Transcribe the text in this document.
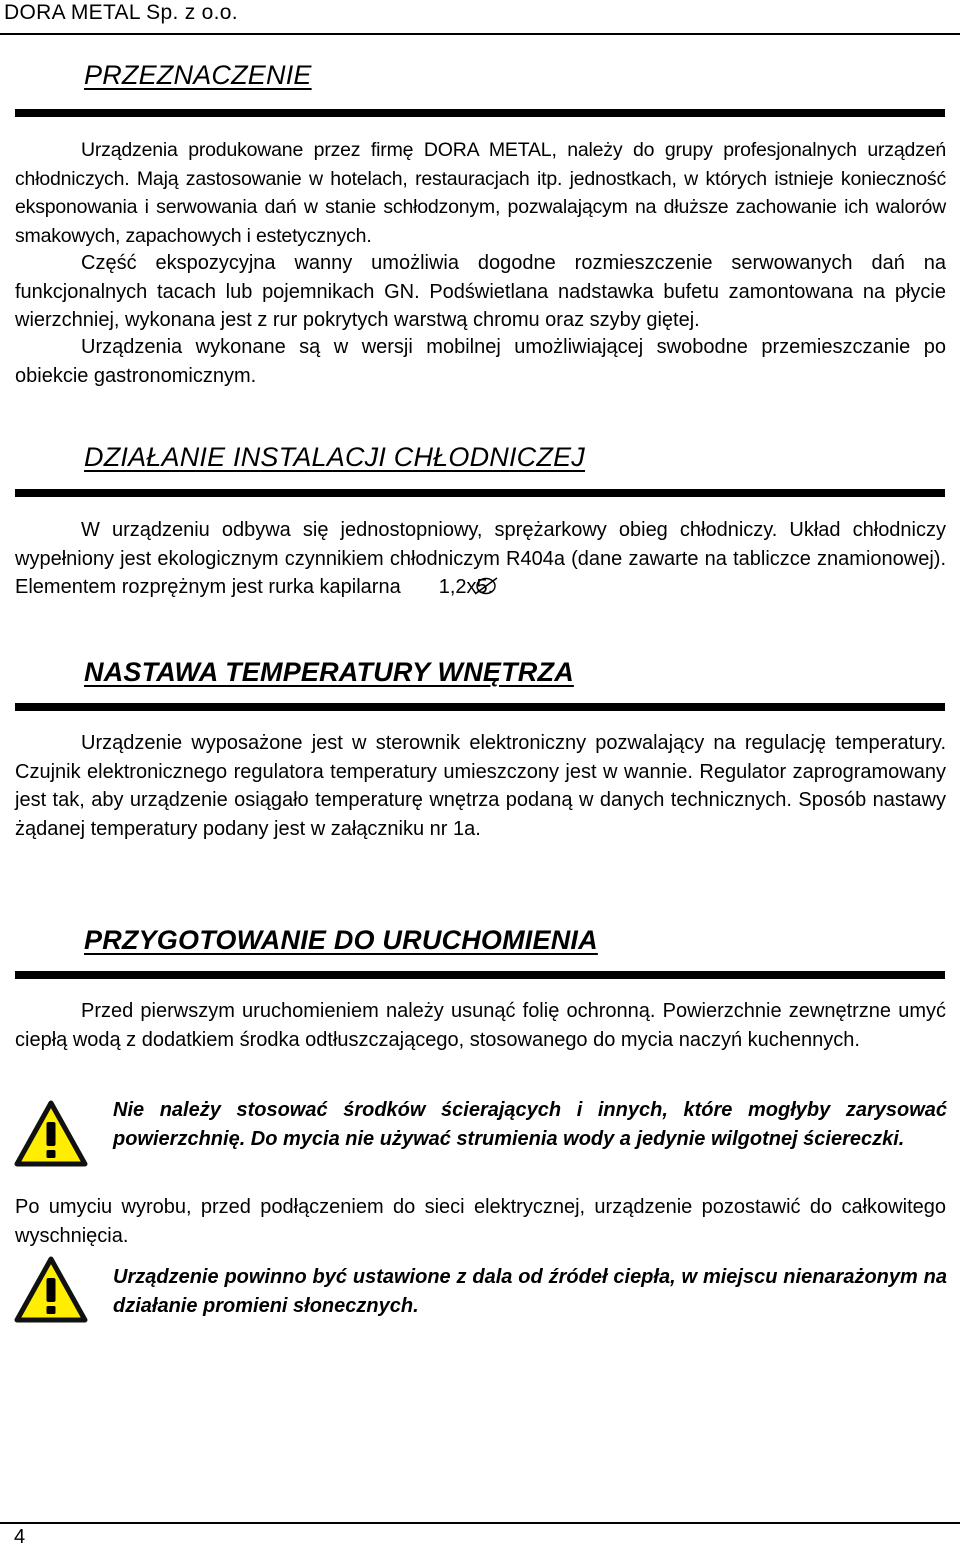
DORA METAL Sp. z o.o.
PRZEZNACZENIE

Urządzenia produkowane przez firmę DORA METAL, należy do grupy profesjonalnych urządzeń chłodniczych. Mają zastosowanie w hotelach, restauracjach itp. jednostkach, w których istnieje konieczność eksponowania i serwowania dań w stanie schłodzonym, pozwalającym na dłuższe zachowanie ich walorów smakowych, zapachowych i estetycznych.

Część ekspozycyjna wanny umożliwia dogodne rozmieszczenie serwowanych dań na funkcjonalnych tacach lub pojemnikach GN. Podświetlana nadstawka bufetu zamontowana na płycie wierzchniej, wykonana jest z rur pokrytych warstwą chromu oraz szyby giętej.

Urządzenia wykonane są w wersji mobilnej umożliwiającej swobodne przemieszczanie po obiekcie gastronomicznym.

DZIAŁANIE INSTALACJI CHŁODNICZEJ

W urządzeniu odbywa się jednostopniowy, sprężarkowy obieg chłodniczy. Układ chłodniczy wypełniony jest ekologicznym czynnikiem chłodniczym R404a (dane zawarte na tabliczce znamionowej). Elementem rozprężnym jest rurka kapilarna 1,2x5.

NASTAWA TEMPERATURY WNĘTRZA

Urządzenie wyposażone jest w sterownik elektroniczny pozwalający na regulację temperatury. Czujnik elektronicznego regulatora temperatury umieszczony jest w wannie. Regulator zaprogramowany jest tak, aby urządzenie osiągało temperaturę wnętrza podaną w danych technicznych. Sposób nastawy żądanej temperatury podany jest w załączniku nr 1a.

PRZYGOTOWANIE DO URUCHOMIENIA

Przed pierwszym uruchomieniem należy usunąć folię ochronną. Powierzchnie zewnętrzne umyć ciepłą wodą z dodatkiem środka odtłuszczającego, stosowanego do mycia naczyń kuchennych.

Nie należy stosować środków ścierających i innych, które mogłyby zarysować powierzchnię. Do mycia nie używać strumienia wody a jedynie wilgotnej ściereczki.

Po umyciu wyrobu, przed podłączeniem do sieci elektrycznej, urządzenie pozostawić do całkowitego wyschnięcia.

Urządzenie powinno być ustawione z dala od źródeł ciepła, w miejscu nienarażonym na działanie promieni słonecznych.

4
